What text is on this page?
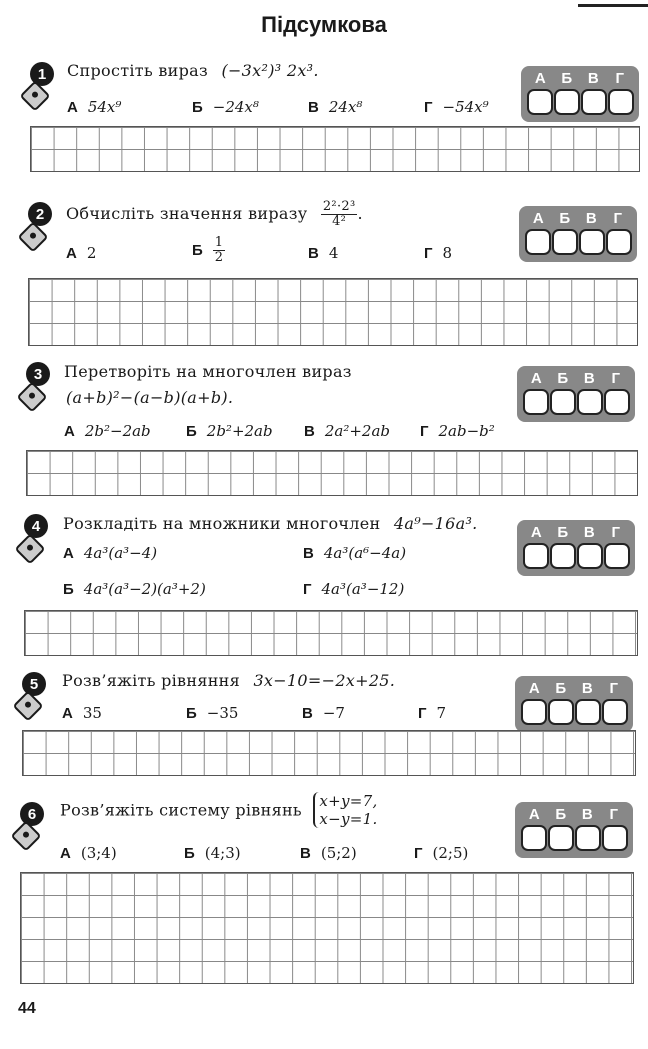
Підсумкова
1	Спростіть вираз (−3x²)³ 2x³.
А 54x⁹	Б −24x⁸	В 24x⁸	Г −54x⁹
А	Б	В	Г
2	Обчисліть значення виразу $\frac{\text{2²·2³}}{\text{4²}}$ .
А 2	Б $\frac{1}{2}$	В 4	Г 8
А	Б	В	Г
3	Перетворіть на многочлен вираз
(a+b)²−(a−b)(a+b).
А 2b²−2ab Б 2b²+2ab В 2a²+2ab Г 2ab−b²
А	Б	В	Г
4	Розкладіть на множники многочлен 4a⁹−16a³.
А 4a³(a³−4)	В 4a³(a⁶−4a)
Б 4a³(a³−2)(a³+2)	Г 4a³(a³−12)
А	Б	В	Г
5	Розв’яжіть рівняння 3x−10=−2x+25.
А 35	Б −35	В −7	Г 7
А	Б	В	Г
6	Розв’яжіть систему рівнянь x+y=7,
x−y=1.
А (3;4)	Б (4;3)	В (5;2)	Г (2;5)
А	Б	В	Г
44
